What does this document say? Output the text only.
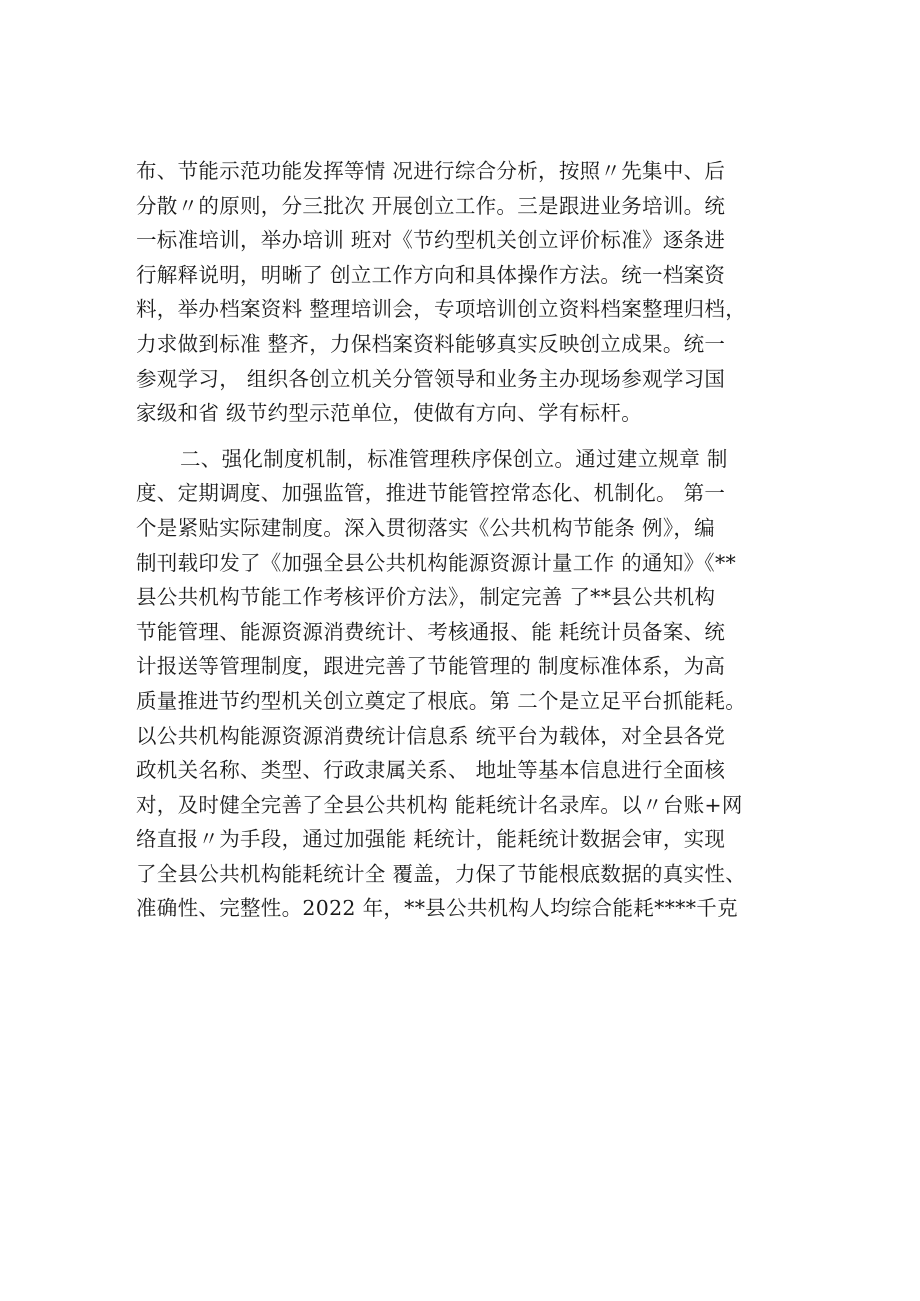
布、节能示范功能发挥等情 况进行综合分析，按照〃先集中、后
分散〃的原则，分三批次 开展创立工作。三是跟进业务培训。统
一标准培训，举办培训 班对《节约型机关创立评价标准》逐条进
行解释说明，明晰了 创立工作方向和具体操作方法。统一档案资
料，举办档案资料 整理培训会，专项培训创立资料档案整理归档，
力求做到标准 整齐，力保档案资料能够真实反映创立成果。统一
参观学习， 组织各创立机关分管领导和业务主办现场参观学习国
家级和省 级节约型示范单位，使做有方向、学有标杆。
二、强化制度机制，标准管理秩序保创立。通过建立规章 制
度、定期调度、加强监管，推进节能管控常态化、机制化。 第一
个是紧贴实际建制度。深入贯彻落实《公共机构节能条 例》，编
制刊载印发了《加强全县公共机构能源资源计量工作 的通知》《**
县公共机构节能工作考核评价方法》，制定完善 了**县公共机构
节能管理、能源资源消费统计、考核通报、能 耗统计员备案、统
计报送等管理制度，跟进完善了节能管理的 制度标准体系，为高
质量推进节约型机关创立奠定了根底。第 二个是立足平台抓能耗。
以公共机构能源资源消费统计信息系 统平台为载体，对全县各党
政机关名称、类型、行政隶属关系、 地址等基本信息进行全面核
对，及时健全完善了全县公共机构 能耗统计名录库。以〃台账+网
络直报〃为手段，通过加强能 耗统计，能耗统计数据会审，实现
了全县公共机构能耗统计全 覆盖，力保了节能根底数据的真实性、
准确性、完整性。2022 年，**县公共机构人均综合能耗****千克
